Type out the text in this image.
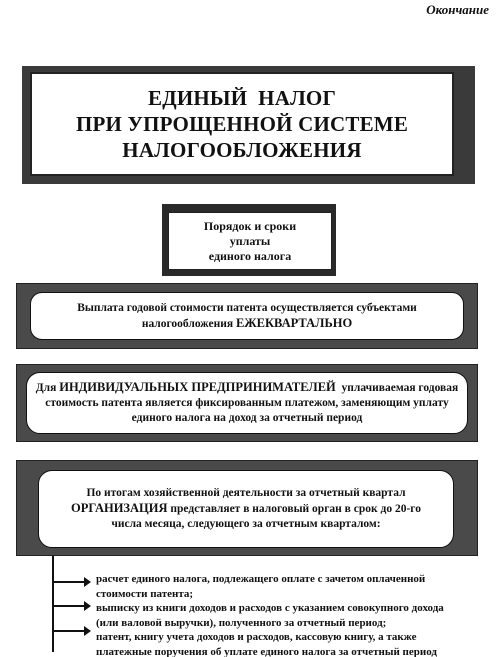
Окончание
ЕДИНЫЙ  НАЛОГ
ПРИ УПРОЩЕННОЙ СИСТЕМЕ
НАЛОГООБЛОЖЕНИЯ
Порядок и сроки
уплаты
единого налога
Выплата годовой стоимости патента осуществляется субъектами
налогообложения ЕЖЕКВАРТАЛЬНО
Для ИНДИВИДУАЛЬНЫХ ПРЕДПРИНИМАТЕЛЕЙ  уплачиваемая годовая
стоимость патента является фиксированным платежом, заменяющим уплату
единого налога на доход за отчетный период
По итогам хозяйственной деятельности за отчетный квартал
ОРГАНИЗАЦИЯ представляет в налоговый орган в срок до 20-го
числа месяца, следующего за отчетным кварталом:
расчет единого налога, подлежащего оплате с зачетом оплаченной
стоимости патента;
выписку из книги доходов и расходов с указанием совокупного дохода
(или валовой выручки), полученного за отчетный период;
патент, книгу учета доходов и расходов, кассовую книгу, а также
платежные поручения об уплате единого налога за отчетный период
